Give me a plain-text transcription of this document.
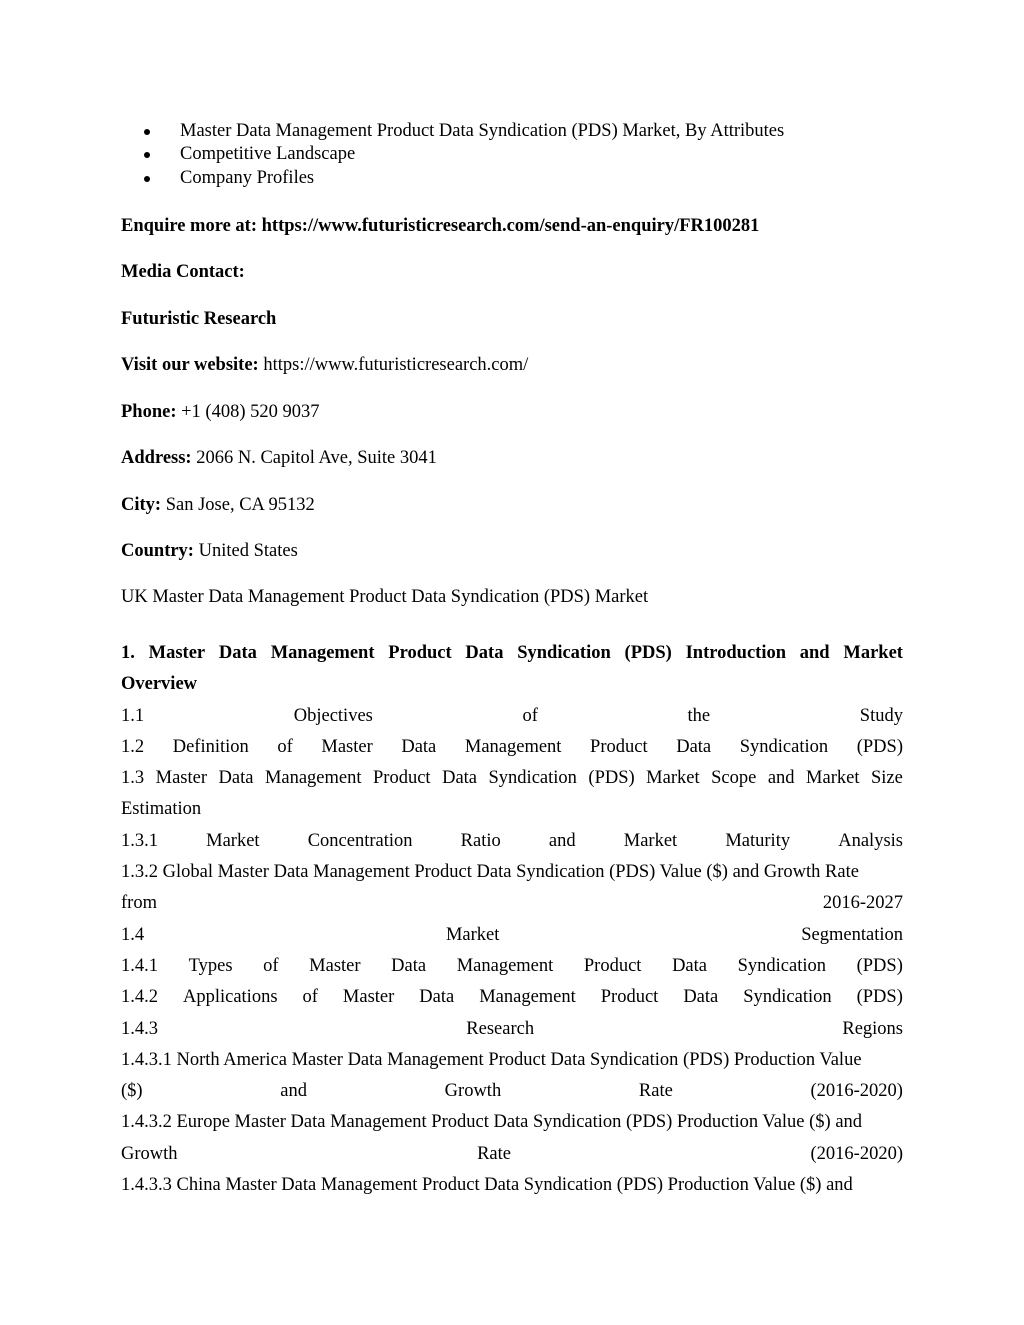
Master Data Management Product Data Syndication (PDS) Market, By Attributes
Competitive Landscape
Company Profiles
Enquire more at: https://www.futuristicresearch.com/send-an-enquiry/FR100281
Media Contact:
Futuristic Research
Visit our website: https://www.futuristicresearch.com/
Phone: +1 (408) 520 9037
Address: 2066 N. Capitol Ave, Suite 3041
City: San Jose, CA 95132
Country: United States
UK Master Data Management Product Data Syndication (PDS) Market
1. Master Data Management Product Data Syndication (PDS) Introduction and Market
Overview
1.1	Objectives	of	the	Study
1.2 Definition of Master Data Management Product Data Syndication (PDS)
1.3 Master Data Management Product Data Syndication (PDS) Market Scope and Market Size
Estimation
1.3.1	Market	Concentration	Ratio	and	Market	Maturity	Analysis
1.3.2 Global Master Data Management Product Data Syndication (PDS) Value ($) and Growth Rate
from	2016-2027
1.4	Market	Segmentation
1.4.1 Types of Master Data Management Product Data Syndication (PDS)
1.4.2 Applications of Master Data Management Product Data Syndication (PDS)
1.4.3	Research	Regions
1.4.3.1 North America Master Data Management Product Data Syndication (PDS) Production Value
($)	and	Growth	Rate	(2016-2020)
1.4.3.2 Europe Master Data Management Product Data Syndication (PDS) Production Value ($) and
Growth	Rate	(2016-2020)
1.4.3.3 China Master Data Management Product Data Syndication (PDS) Production Value ($) and
